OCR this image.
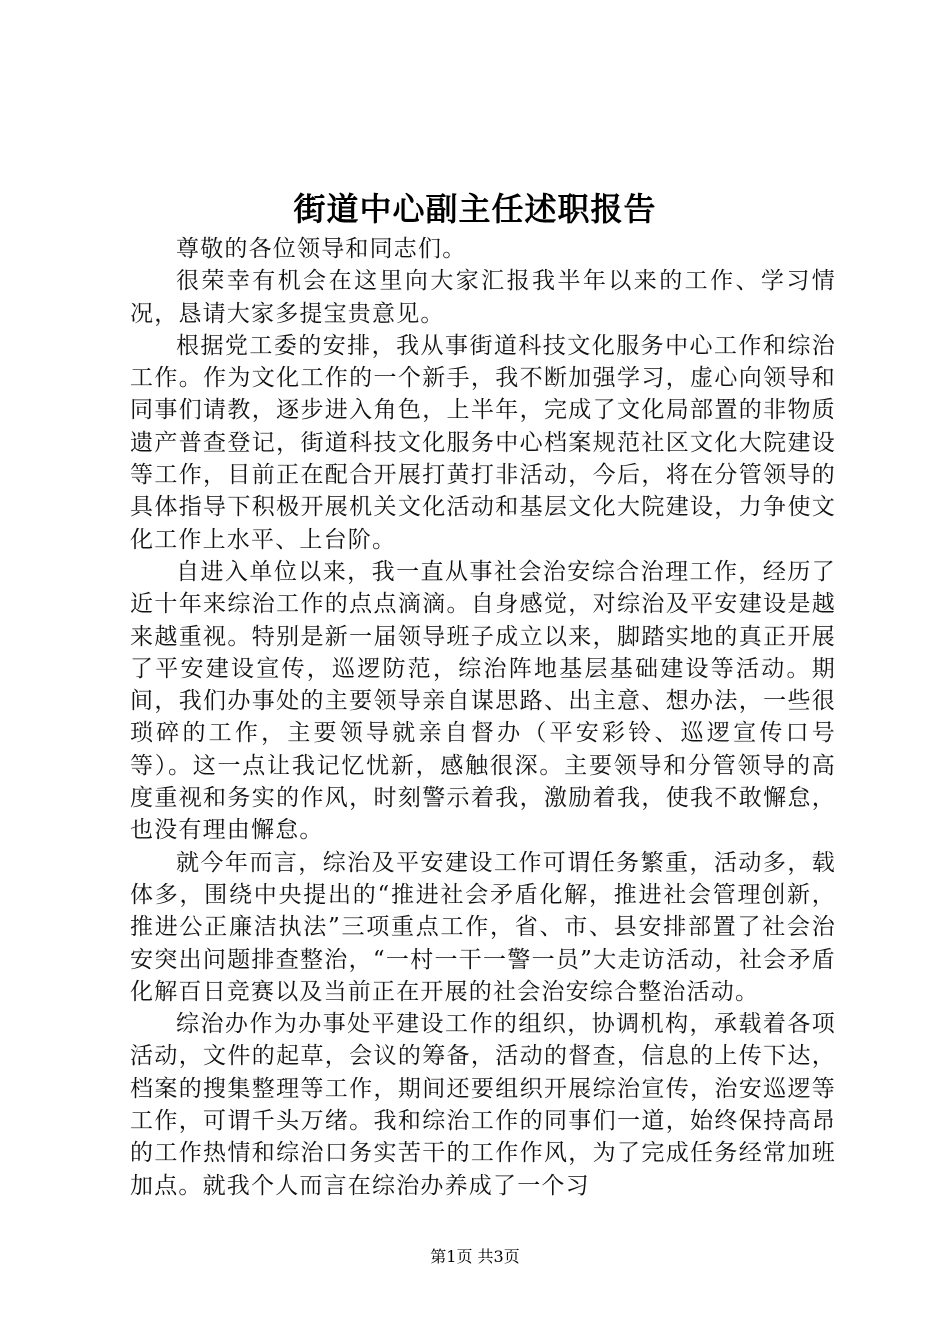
街道中心副主任述职报告

尊敬的各位领导和同志们。

很荣幸有机会在这里向大家汇报我半年以来的工作、学习情况，恳请大家多提宝贵意见。

根据党工委的安排，我从事街道科技文化服务中心工作和综治工作。作为文化工作的一个新手，我不断加强学习，虚心向领导和同事们请教，逐步进入角色，上半年，完成了文化局部置的非物质遗产普查登记，街道科技文化服务中心档案规范社区文化大院建设等工作，目前正在配合开展打黄打非活动，今后，将在分管领导的具体指导下积极开展机关文化活动和基层文化大院建设，力争使文化工作上水平、上台阶。

自进入单位以来，我一直从事社会治安综合治理工作，经历了近十年来综治工作的点点滴滴。自身感觉，对综治及平安建设是越来越重视。特别是新一届领导班子成立以来，脚踏实地的真正开展了平安建设宣传，巡逻防范，综治阵地基层基础建设等活动。期间，我们办事处的主要领导亲自谋思路、出主意、想办法，一些很琐碎的工作，主要领导就亲自督办（平安彩铃、巡逻宣传口号等）。这一点让我记忆忧新，感触很深。主要领导和分管领导的高度重视和务实的作风，时刻警示着我，激励着我，使我不敢懈怠，也没有理由懈怠。

就今年而言，综治及平安建设工作可谓任务繁重，活动多，载体多，围绕中央提出的“推进社会矛盾化解，推进社会管理创新，推进公正廉洁执法”三项重点工作，省、市、县安排部置了社会治安突出问题排查整治，“一村一干一警一员”大走访活动，社会矛盾化解百日竞赛以及当前正在开展的社会治安综合整治活动。

综治办作为办事处平建设工作的组织，协调机构，承载着各项活动，文件的起草，会议的筹备，活动的督查，信息的上传下达，档案的搜集整理等工作，期间还要组织开展综治宣传，治安巡逻等工作，可谓千头万绪。我和综治工作的同事们一道，始终保持高昂的工作热情和综治口务实苦干的工作作风，为了完成任务经常加班加点。就我个人而言在综治办养成了一个习

第1页 共3页
